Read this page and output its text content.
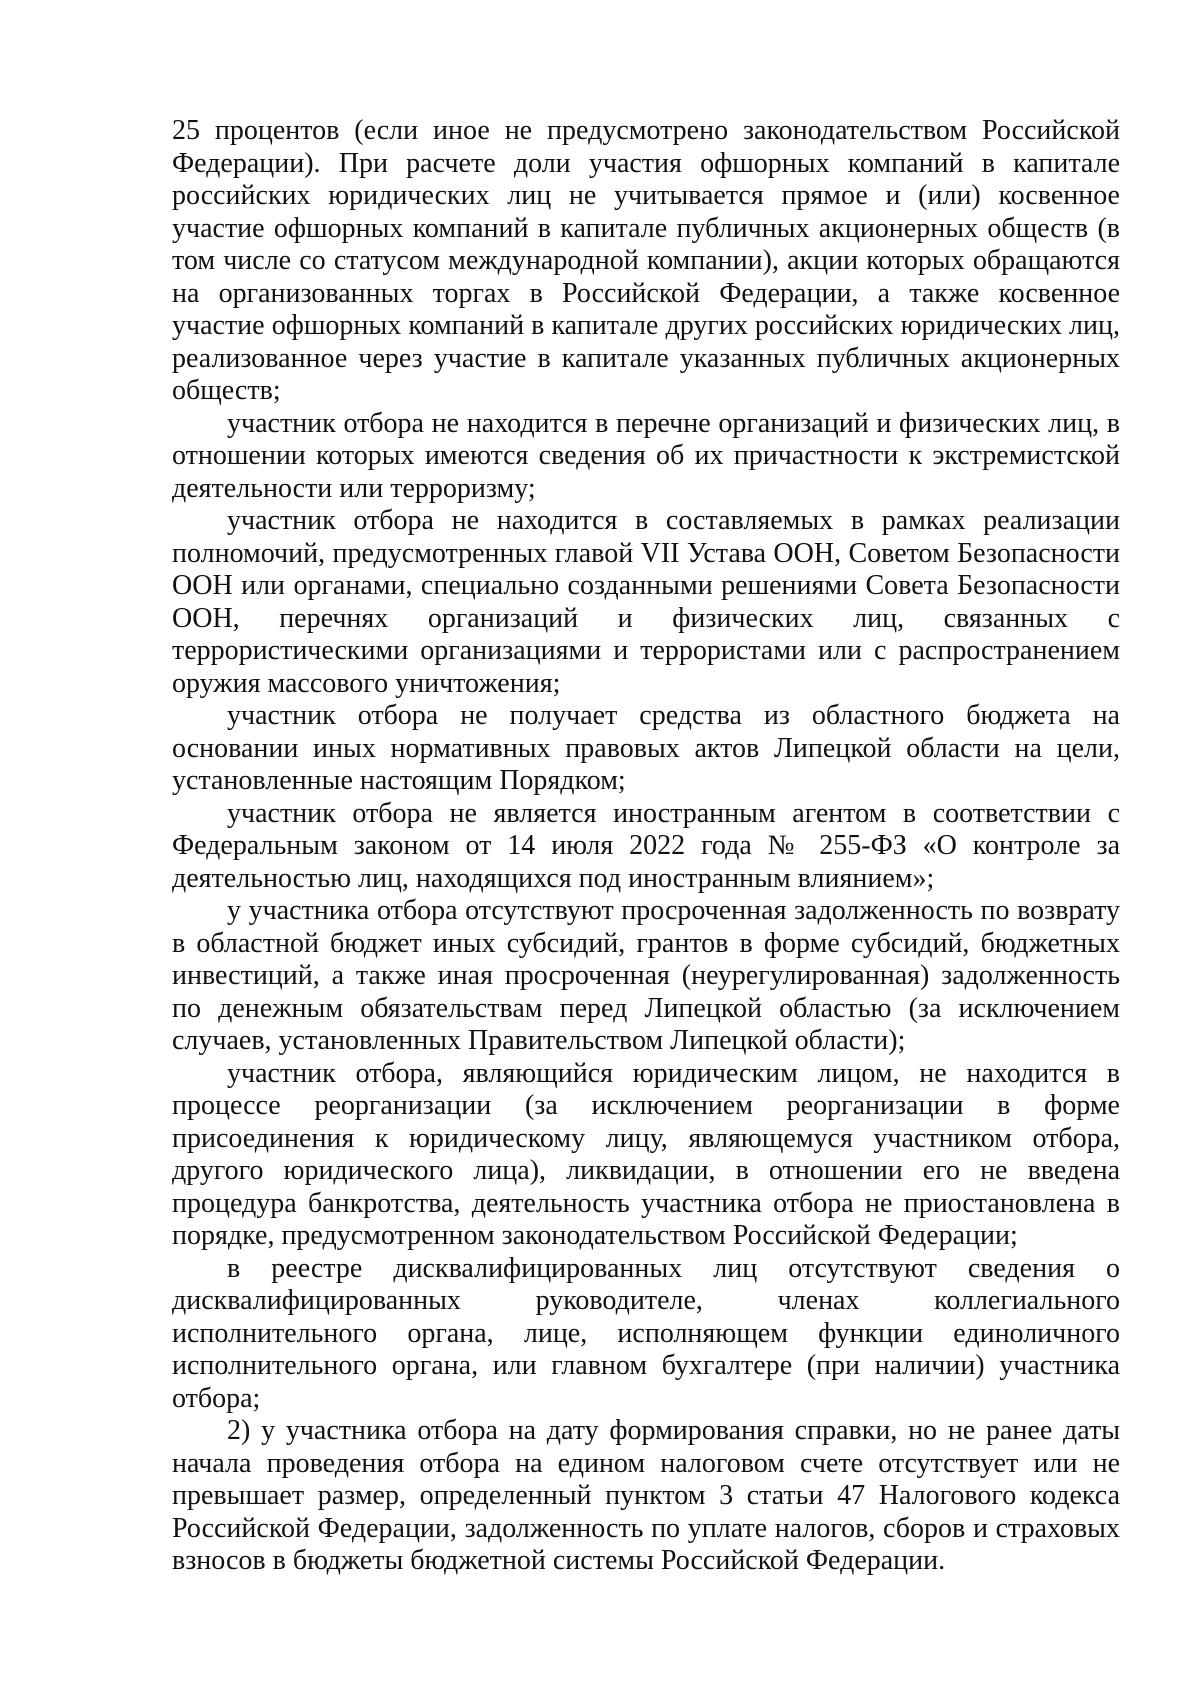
25 процентов (если иное не предусмотрено законодательством Российской Федерации). При расчете доли участия офшорных компаний в капитале российских юридических лиц не учитывается прямое и (или) косвенное участие офшорных компаний в капитале публичных акционерных обществ (в том числе со статусом международной компании), акции которых обращаются на организованных торгах в Российской Федерации, а также косвенное участие офшорных компаний в капитале других российских юридических лиц, реализованное через участие в капитале указанных публичных акционерных обществ;

участник отбора не находится в перечне организаций и физических лиц, в отношении которых имеются сведения об их причастности к экстремистской деятельности или терроризму;

участник отбора не находится в составляемых в рамках реализации полномочий, предусмотренных главой VII Устава ООН, Советом Безопасности ООН или органами, специально созданными решениями Совета Безопасности ООН, перечнях организаций и физических лиц, связанных с террористическими организациями и террористами или с распространением оружия массового уничтожения;

участник отбора не получает средства из областного бюджета на основании иных нормативных правовых актов Липецкой области на цели, установленные настоящим Порядком;

участник отбора не является иностранным агентом в соответствии с Федеральным законом от 14 июля 2022 года № 255-ФЗ «О контроле за деятельностью лиц, находящихся под иностранным влиянием»;

у участника отбора отсутствуют просроченная задолженность по возврату в областной бюджет иных субсидий, грантов в форме субсидий, бюджетных инвестиций, а также иная просроченная (неурегулированная) задолженность по денежным обязательствам перед Липецкой областью (за исключением случаев, установленных Правительством Липецкой области);

участник отбора, являющийся юридическим лицом, не находится в процессе реорганизации (за исключением реорганизации в форме присоединения к юридическому лицу, являющемуся участником отбора, другого юридического лица), ликвидации, в отношении его не введена процедура банкротства, деятельность участника отбора не приостановлена в порядке, предусмотренном законодательством Российской Федерации;

в реестре дисквалифицированных лиц отсутствуют сведения о дисквалифицированных руководителе, членах коллегиального исполнительного органа, лице, исполняющем функции единоличного исполнительного органа, или главном бухгалтере (при наличии) участника отбора;

2) у участника отбора на дату формирования справки, но не ранее даты начала проведения отбора на едином налоговом счете отсутствует или не превышает размер, определенный пунктом 3 статьи 47 Налогового кодекса Российской Федерации, задолженность по уплате налогов, сборов и страховых взносов в бюджеты бюджетной системы Российской Федерации.
